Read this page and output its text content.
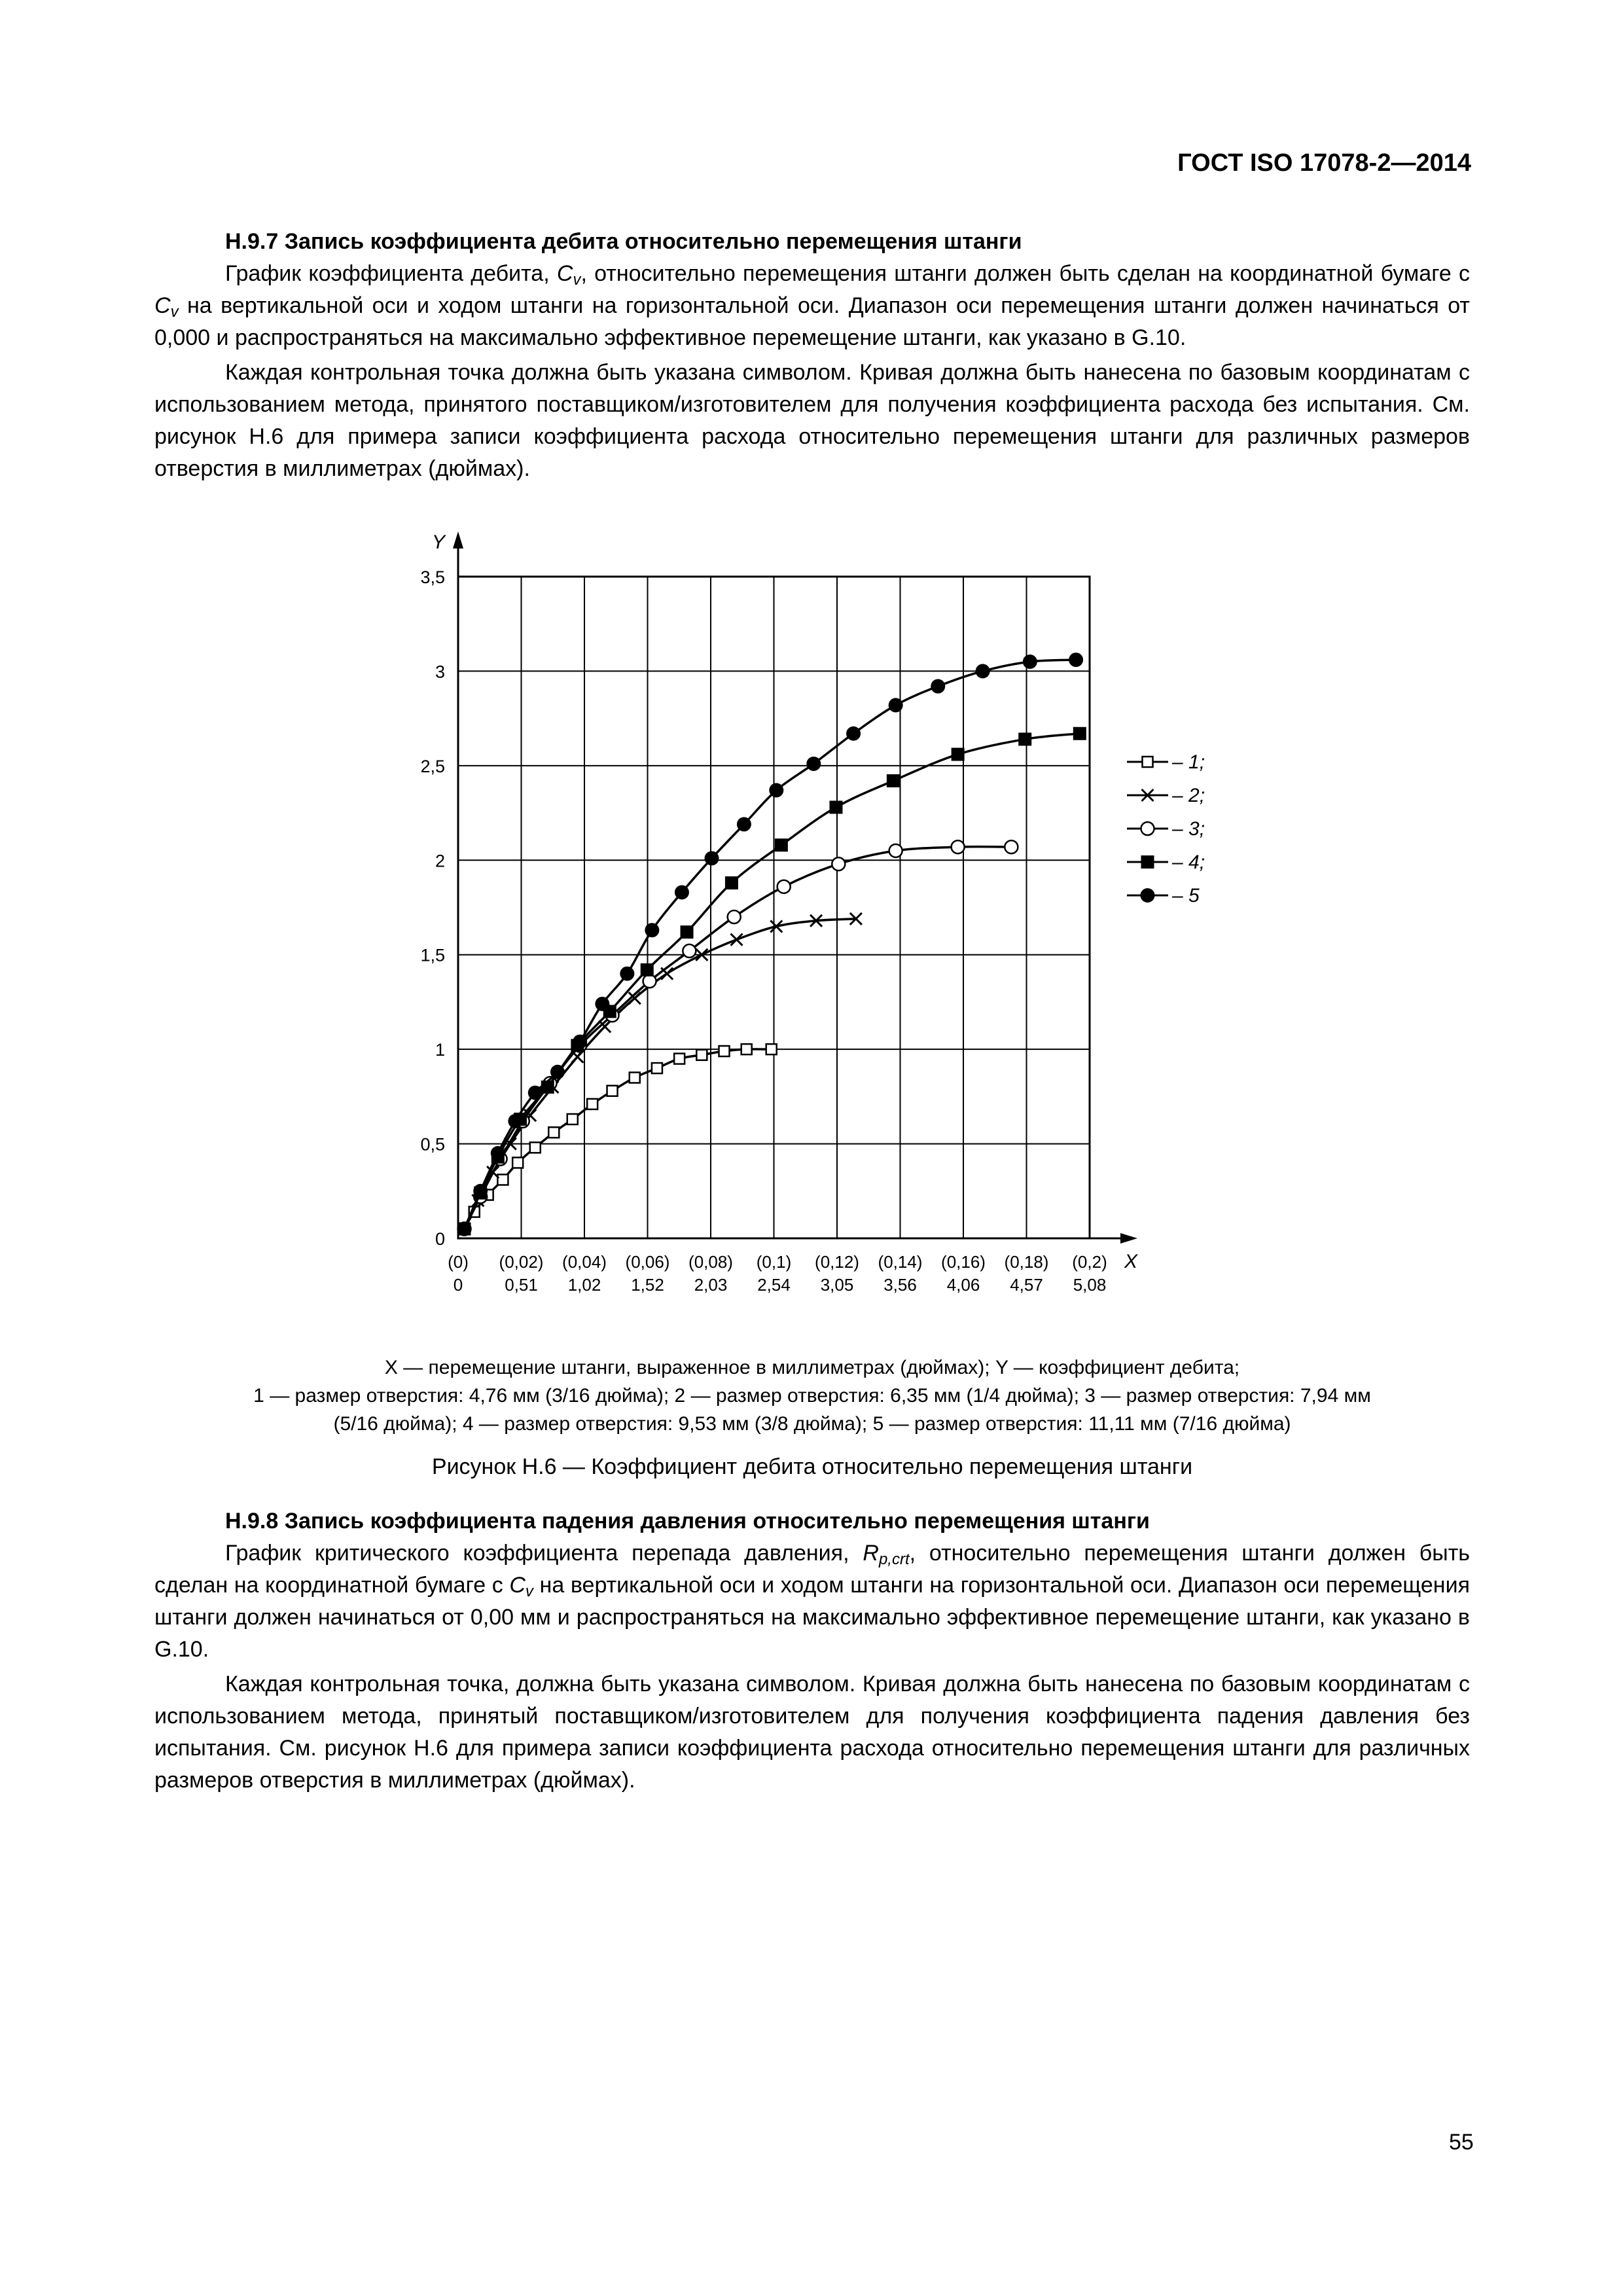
ГОСТ ISO 17078-2—2014
Н.9.7 Запись коэффициента дебита относительно перемещения штанги

График коэффициента дебита, $C_v$, относительно перемещения штанги должен быть сделан на координатной бумаге с $C_v$ на вертикальной оси и ходом штанги на горизонтальной оси. Диапазон оси перемещения штанги должен начинаться от 0,000 и распространяться на максимально эффективное перемещение штанги, как указано в G.10.

Каждая контрольная точка должна быть указана символом. Кривая должна быть нанесена по базовым координатам с использованием метода, принятого поставщиком/изготовителем для получения коэффициента расхода без испытания. См. рисунок Н.6 для примера записи коэффициента расхода относительно перемещения штанги для различных размеров отверстия в миллиметрах (дюймах).

Y
X
0
0,5
1
1,5
2
2,5
3
3,5
(0)
0
(0,02)
0,51
(0,04)
1,02
(0,06)
1,52
(0,08)
2,03
(0,1)
2,54
(0,12)
3,05
(0,14)
3,56
(0,16)
4,06
(0,18)
4,57
(0,2)
5,08
– 1;
– 2;
– 3;
– 4;
– 5
X — перемещение штанги, выраженное в миллиметрах (дюймах); Y — коэффициент дебита;
1 — размер отверстия: 4,76 мм (3/16 дюйма); 2 — размер отверстия: 6,35 мм (1/4 дюйма); 3 — размер отверстия: 7,94 мм
(5/16 дюйма); 4 — размер отверстия: 9,53 мм (3/8 дюйма); 5 — размер отверстия: 11,11 мм (7/16 дюйма)
Рисунок Н.6 — Коэффициент дебита относительно перемещения штанги
Н.9.8 Запись коэффициента падения давления относительно перемещения штанги

График критического коэффициента перепада давления, $R_{p,crt}$, относительно перемещения штанги должен быть сделан на координатной бумаге с $C_v$ на вертикальной оси и ходом штанги на горизонтальной оси. Диапазон оси перемещения штанги должен начинаться от 0,00 мм и распространяться на максимально эффективное перемещение штанги, как указано в G.10.

Каждая контрольная точка, должна быть указана символом. Кривая должна быть нанесена по базовым координатам с использованием метода, принятый поставщиком/изготовителем для получения коэффициента падения давления без испытания. См. рисунок Н.6 для примера записи коэффициента расхода относительно перемещения штанги для различных размеров отверстия в миллиметрах (дюймах).

55
